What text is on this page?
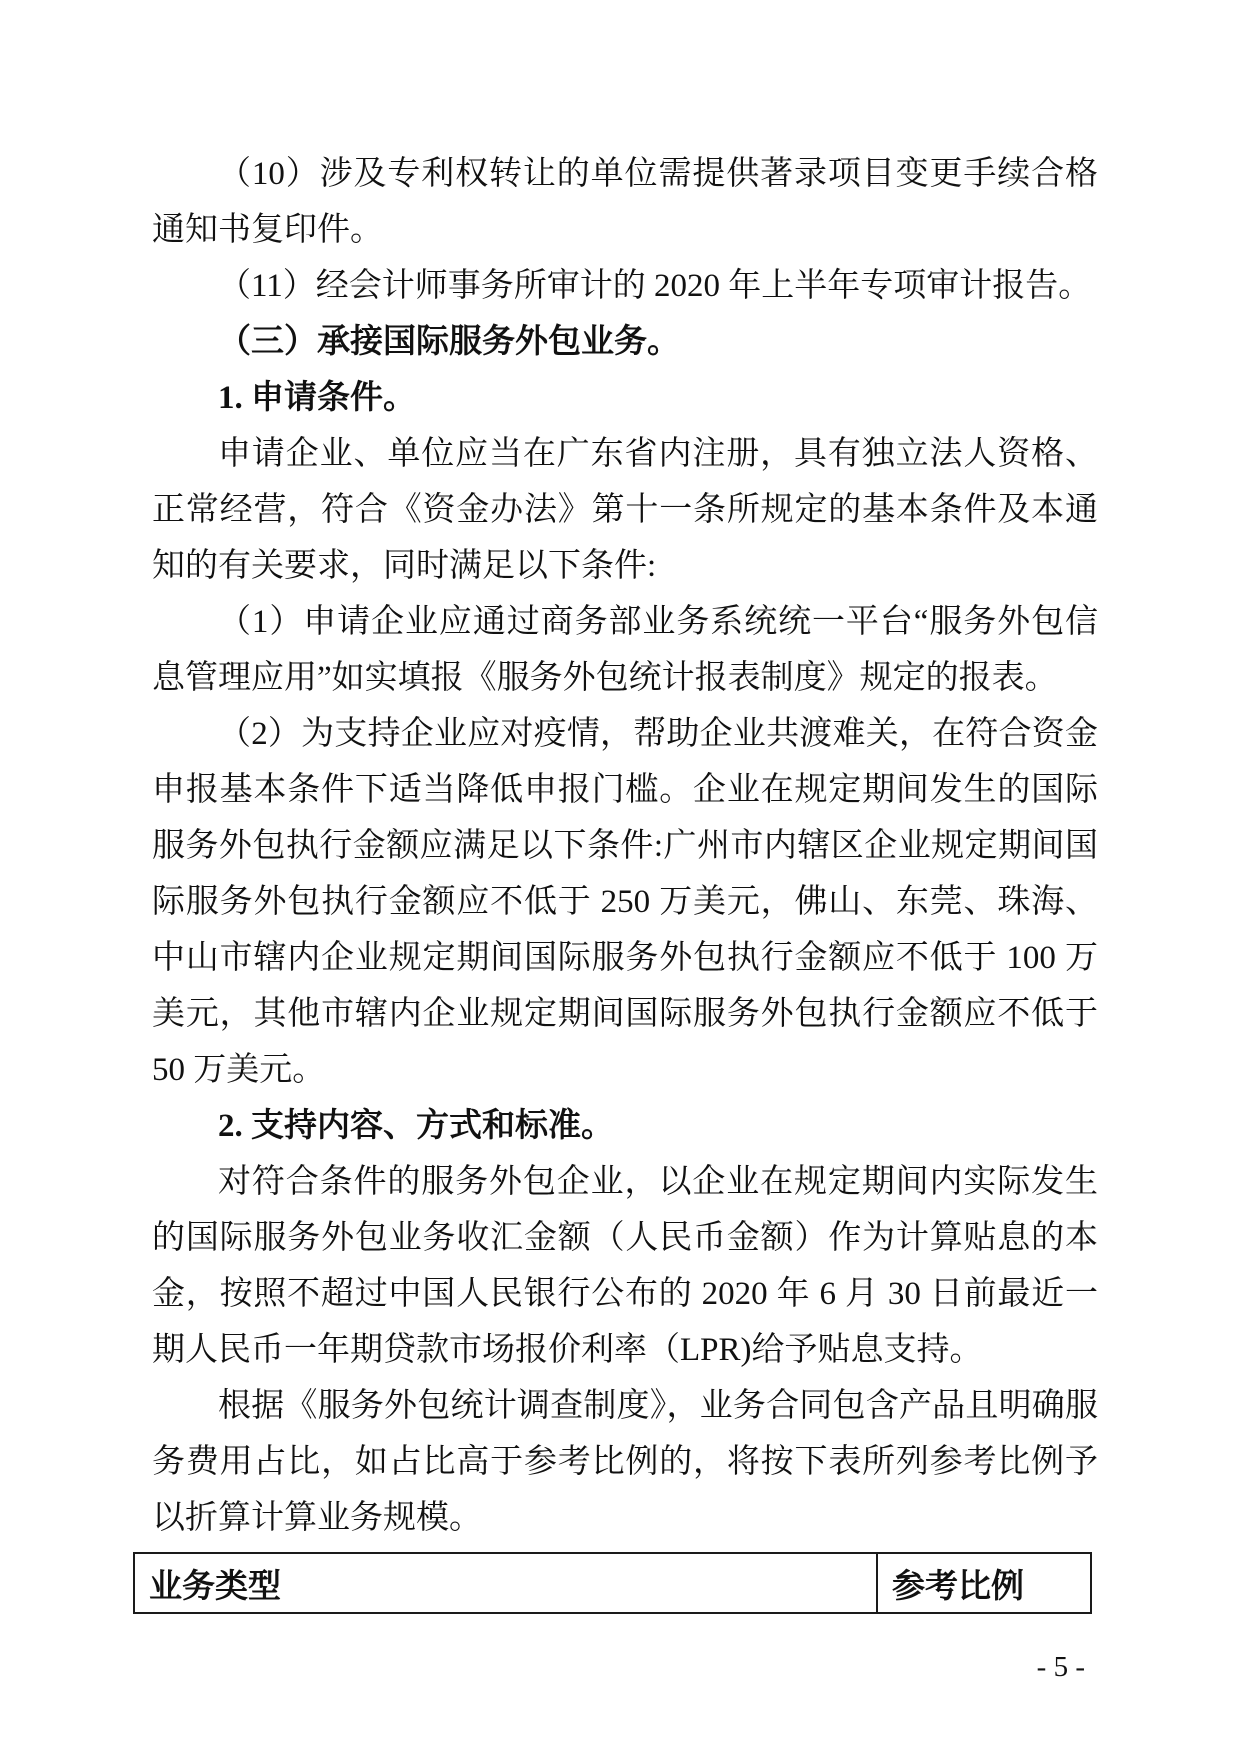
（10）涉及专利权转让的单位需提供著录项目变更手续合格通知书复印件。

（11）经会计师事务所审计的 2020 年上半年专项审计报告。

（三）承接国际服务外包业务。

1. 申请条件。

申请企业、单位应当在广东省内注册，具有独立法人资格、正常经营，符合《资金办法》第十一条所规定的基本条件及本通知的有关要求，同时满足以下条件:

（1）申请企业应通过商务部业务系统统一平台“服务外包信息管理应用”如实填报《服务外包统计报表制度》规定的报表。

（2）为支持企业应对疫情，帮助企业共渡难关，在符合资金申报基本条件下适当降低申报门槛。企业在规定期间发生的国际服务外包执行金额应满足以下条件:广州市内辖区企业规定期间国际服务外包执行金额应不低于 250 万美元，佛山、东莞、珠海、中山市辖内企业规定期间国际服务外包执行金额应不低于 100 万美元，其他市辖内企业规定期间国际服务外包执行金额应不低于 50 万美元。

2. 支持内容、方式和标准。

对符合条件的服务外包企业，以企业在规定期间内实际发生的国际服务外包业务收汇金额（人民币金额）作为计算贴息的本金，按照不超过中国人民银行公布的 2020 年 6 月 30 日前最近一期人民币一年期贷款市场报价利率（LPR)给予贴息支持。

根据《服务外包统计调查制度》，业务合同包含产品且明确服务费用占比，如占比高于参考比例的，将按下表所列参考比例予以折算计算业务规模。

业务类型	参考比例
- 5 -
